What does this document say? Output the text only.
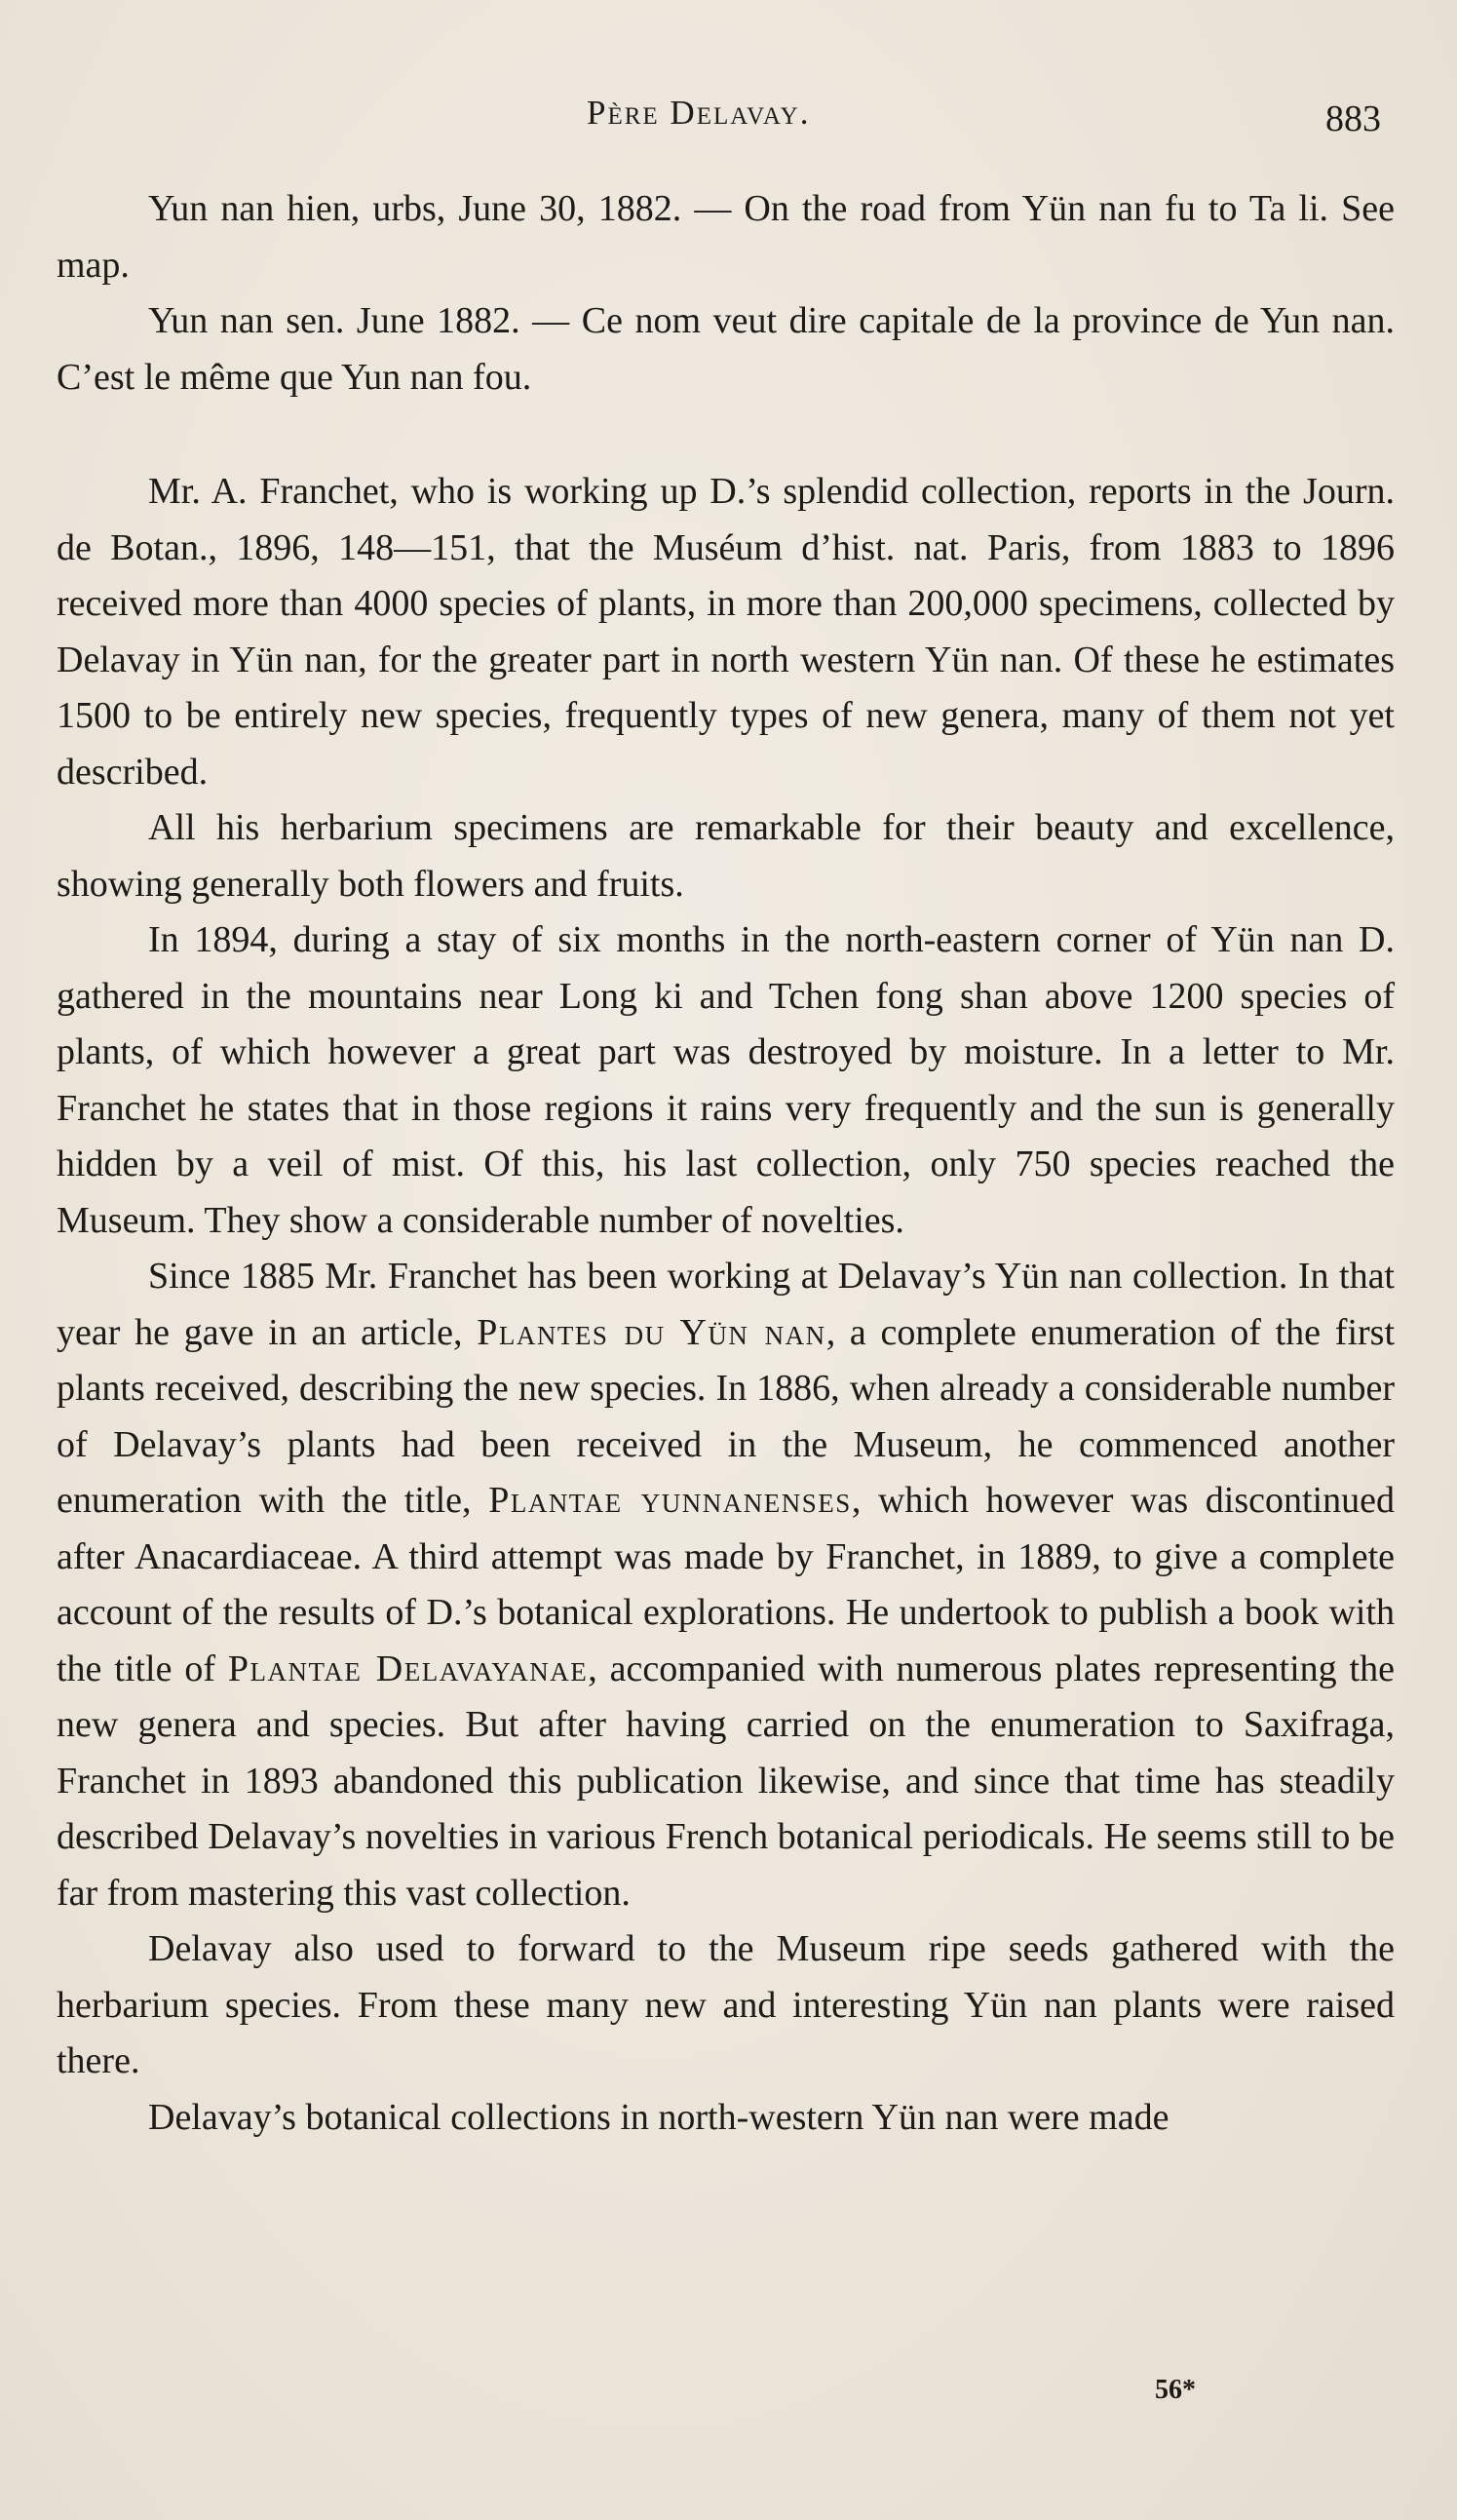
Père Delavay.	883

Yun nan hien, urbs, June 30, 1882. — On the road from Yün nan fu to Ta li. See map.

Yun nan sen. June 1882. — Ce nom veut dire capitale de la province de Yun nan. C’est le même que Yun nan fou.

Mr. A. Franchet, who is working up D.’s splendid collection, reports in the Journ. de Botan., 1896, 148—151, that the Muséum d’hist. nat. Paris, from 1883 to 1896 received more than 4000 species of plants, in more than 200,000 specimens, collected by Delavay in Yün nan, for the greater part in north western Yün nan. Of these he estimates 1500 to be entirely new species, frequently types of new genera, many of them not yet described.

All his herbarium specimens are remarkable for their beauty and excellence, showing generally both flowers and fruits.

In 1894, during a stay of six months in the north-eastern corner of Yün nan D. gathered in the mountains near Long ki and Tchen fong shan above 1200 species of plants, of which however a great part was destroyed by moisture. In a letter to Mr. Franchet he states that in those regions it rains very frequently and the sun is generally hidden by a veil of mist. Of this, his last collection, only 750 species reached the Museum. They show a considerable number of novelties.

Since 1885 Mr. Franchet has been working at Delavay’s Yün nan collection. In that year he gave in an article, Plantes du Yün nan, a complete enumeration of the first plants received, describing the new species. In 1886, when already a considerable number of Delavay’s plants had been received in the Museum, he commenced another enumeration with the title, Plantae yunnanenses, which however was discontinued after Anacardiaceae. A third attempt was made by Franchet, in 1889, to give a complete account of the results of D.’s botanical explorations. He undertook to publish a book with the title of Plantae Delavayanae, accompanied with numerous plates representing the new genera and species. But after having carried on the enumeration to Saxifraga, Franchet in 1893 abandoned this publication likewise, and since that time has steadily described Delavay’s novelties in various French botanical periodicals. He seems still to be far from mastering this vast collection.

Delavay also used to forward to the Museum ripe seeds gathered with the herbarium species. From these many new and interesting Yün nan plants were raised there.

Delavay’s botanical collections in north-western Yün nan were made

56*
